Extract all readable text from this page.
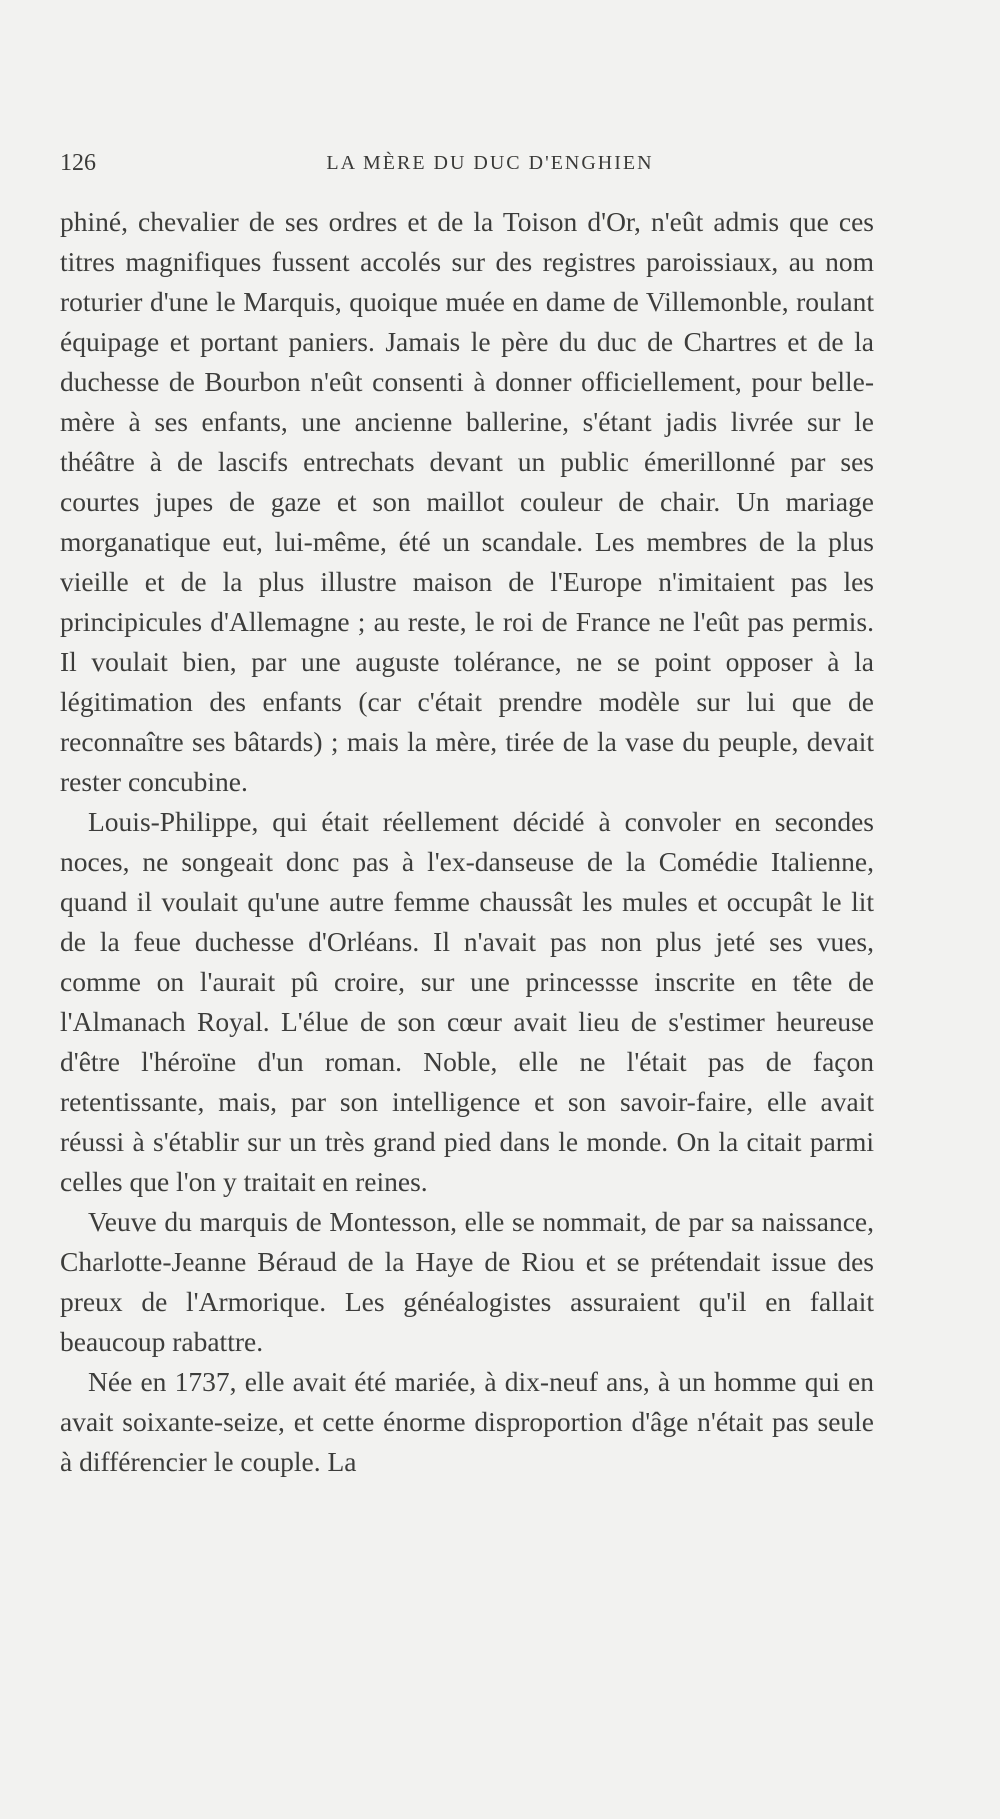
126	LA MÈRE DU DUC D'ENGHIEN

phiné, chevalier de ses ordres et de la Toison d'Or, n'eût admis que ces titres magnifiques fussent accolés sur des registres paroissiaux, au nom roturier d'une le Marquis, quoique muée en dame de Villemonble, roulant équipage et portant paniers. Jamais le père du duc de Chartres et de la duchesse de Bourbon n'eût consenti à donner officiellement, pour belle-mère à ses enfants, une ancienne ballerine, s'étant jadis livrée sur le théâtre à de lascifs entrechats devant un public émerillonné par ses courtes jupes de gaze et son maillot couleur de chair. Un mariage morganatique eut, lui-même, été un scandale. Les membres de la plus vieille et de la plus illustre maison de l'Europe n'imitaient pas les principicules d'Allemagne ; au reste, le roi de France ne l'eût pas permis. Il voulait bien, par une auguste tolérance, ne se point opposer à la légitimation des enfants (car c'était prendre modèle sur lui que de reconnaître ses bâtards) ; mais la mère, tirée de la vase du peuple, devait rester concubine.

Louis-Philippe, qui était réellement décidé à convoler en secondes noces, ne songeait donc pas à l'ex-danseuse de la Comédie Italienne, quand il voulait qu'une autre femme chaussât les mules et occupât le lit de la feue duchesse d'Orléans. Il n'avait pas non plus jeté ses vues, comme on l'aurait pû croire, sur une princessse inscrite en tête de l'Almanach Royal. L'élue de son cœur avait lieu de s'estimer heureuse d'être l'héroïne d'un roman. Noble, elle ne l'était pas de façon retentissante, mais, par son intelligence et son savoir-faire, elle avait réussi à s'établir sur un très grand pied dans le monde. On la citait parmi celles que l'on y traitait en reines.

Veuve du marquis de Montesson, elle se nommait, de par sa naissance, Charlotte-Jeanne Béraud de la Haye de Riou et se prétendait issue des preux de l'Armorique. Les généalogistes assuraient qu'il en fallait beaucoup rabattre.

Née en 1737, elle avait été mariée, à dix-neuf ans, à un homme qui en avait soixante-seize, et cette énorme disproportion d'âge n'était pas seule à différencier le couple. La
